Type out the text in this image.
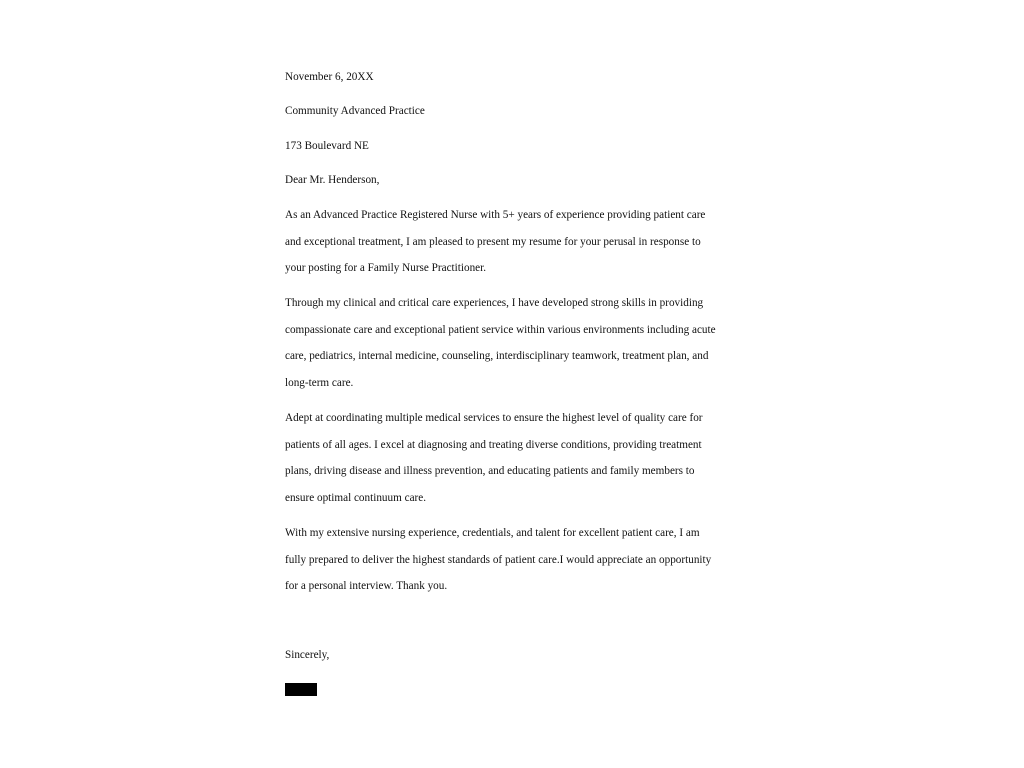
November 6, 20XX

Community Advanced Practice

173 Boulevard NE

Dear Mr. Henderson,

As an Advanced Practice Registered Nurse with 5+ years of experience providing patient care
and exceptional treatment, I am pleased to present my resume for your perusal in response to
your posting for a Family Nurse Practitioner.
Through my clinical and critical care experiences, I have developed strong skills in providing
compassionate care and exceptional patient service within various environments including acute
care, pediatrics, internal medicine, counseling, interdisciplinary teamwork, treatment plan, and
long-term care.
Adept at coordinating multiple medical services to ensure the highest level of quality care for
patients of all ages. I excel at diagnosing and treating diverse conditions, providing treatment
plans, driving disease and illness prevention, and educating patients and family members to
ensure optimal continuum care.
With my extensive nursing experience, credentials, and talent for excellent patient care, I am
fully prepared to deliver the highest standards of patient care.I would appreciate an opportunity
for a personal interview. Thank you.

Sincerely,
